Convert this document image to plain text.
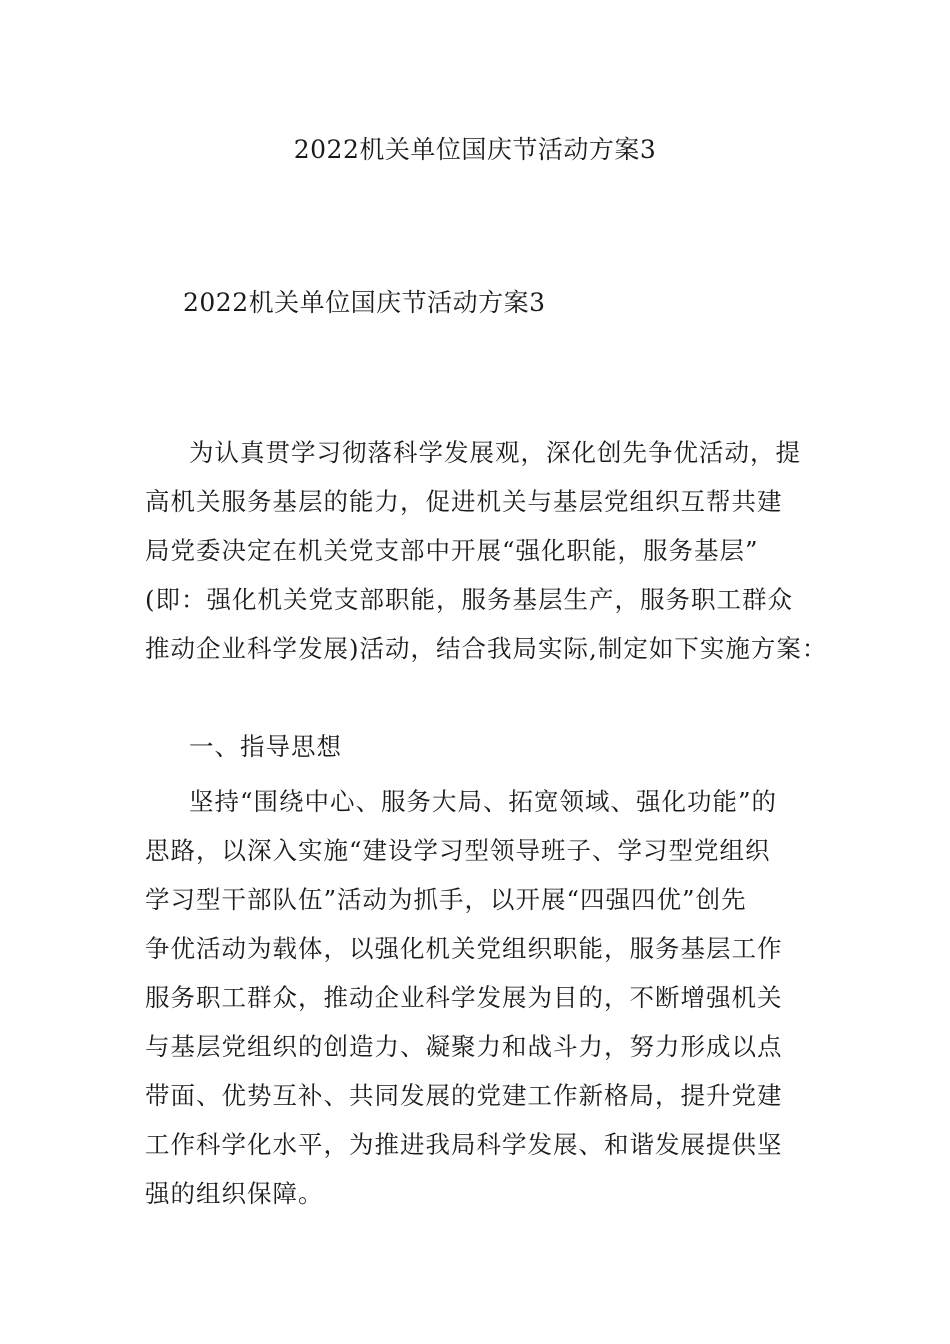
2022机关单位国庆节活动方案3
2022机关单位国庆节活动方案3
为认真贯学习彻落科学发展观，深化创先争优活动，提
高机关服务基层的能力，促进机关与基层党组织互帮共建
局党委决定在机关党支部中开展“强化职能，服务基层”
(即：强化机关党支部职能，服务基层生产，服务职工群众
推动企业科学发展)活动，结合我局实际,制定如下实施方案：
一、指导思想
坚持“围绕中心、服务大局、拓宽领域、强化功能”的
思路，以深入实施“建设学习型领导班子、学习型党组织
学习型干部队伍”活动为抓手，以开展“四强四优”创先
争优活动为载体，以强化机关党组织职能，服务基层工作
服务职工群众，推动企业科学发展为目的，不断增强机关
与基层党组织的创造力、凝聚力和战斗力，努力形成以点
带面、优势互补、共同发展的党建工作新格局，提升党建
工作科学化水平，为推进我局科学发展、和谐发展提供坚
强的组织保障。
